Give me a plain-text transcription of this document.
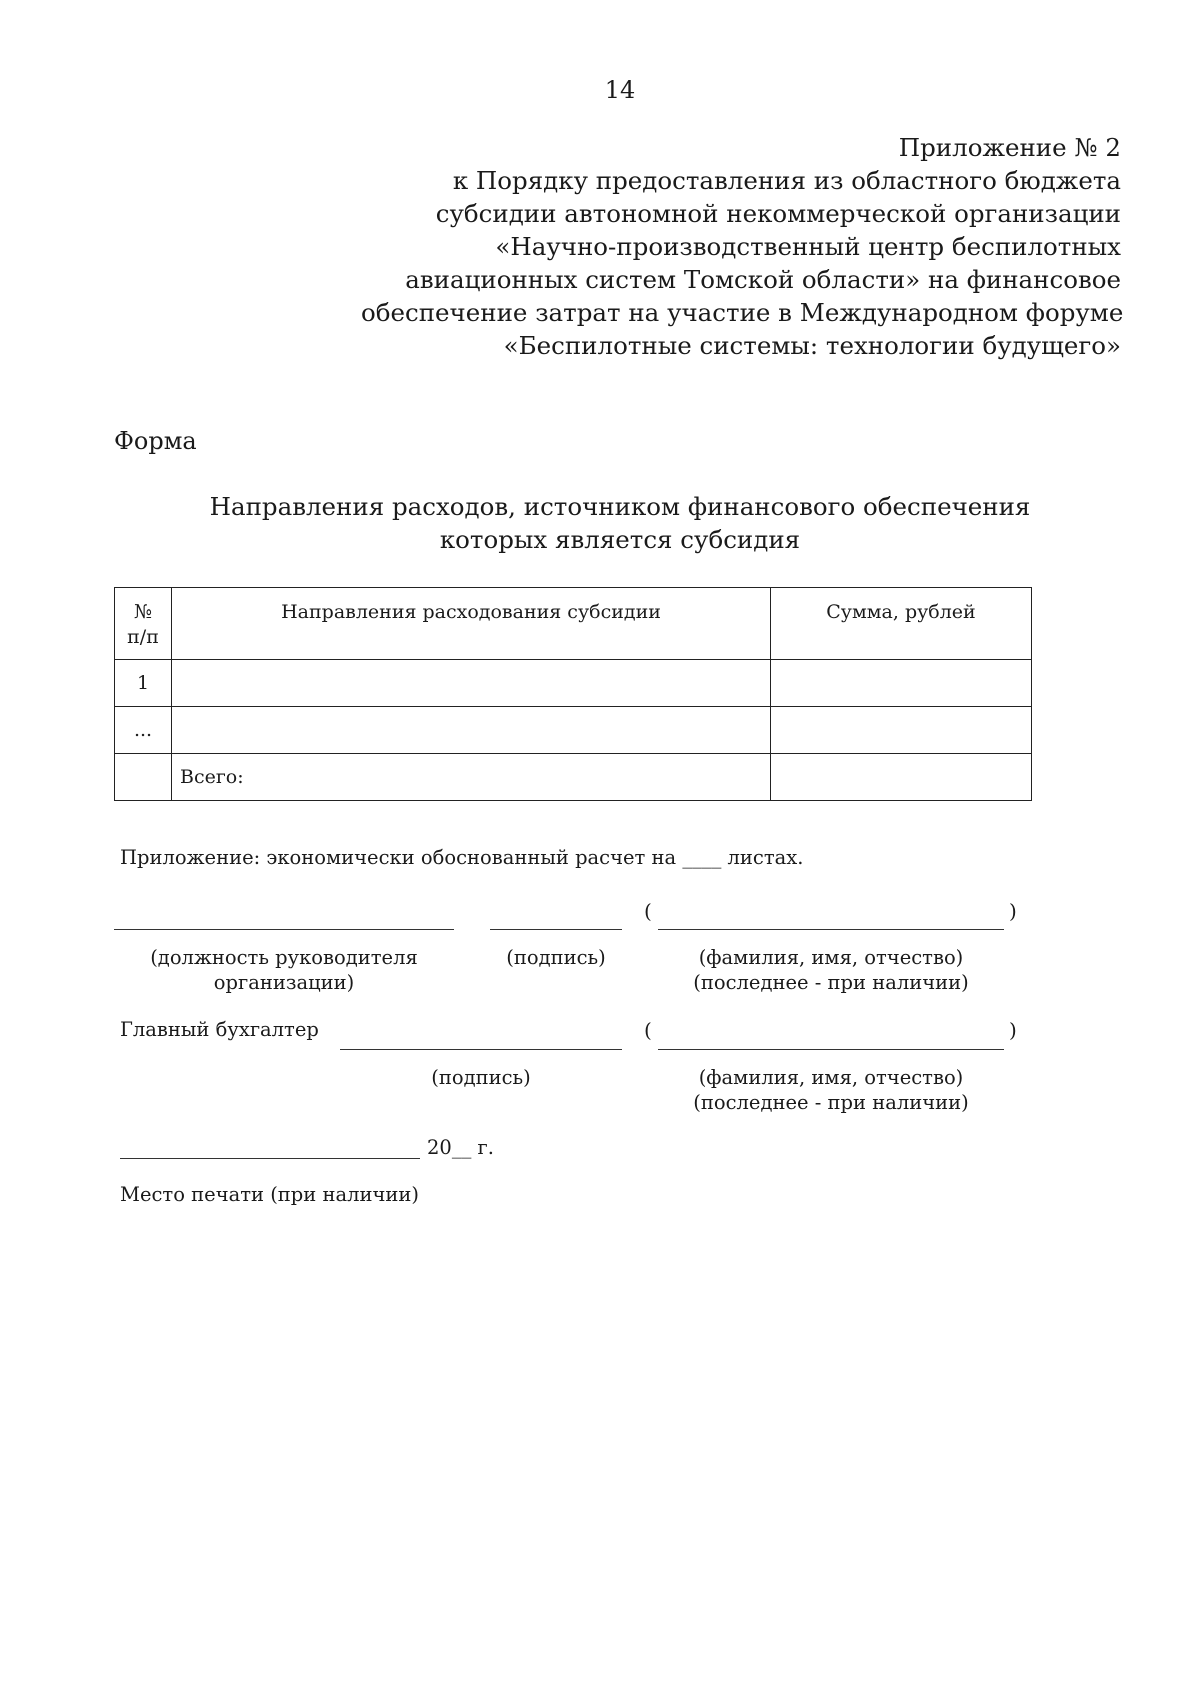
14
Приложение № 2
к Порядку предоставления из областного бюджета
субсидии автономной некоммерческой организации
«Научно-производственный центр беспилотных
авиационных систем Томской области» на финансовое
обеспечение затрат на участие в Международном форуме
«Беспилотные системы: технологии будущего»
Форма
Направления расходов, источником финансового обеспечения
которых является субсидия
№
п/п	Направления расходования субсидии	Сумма, рублей
1		
...		
	Всего:	
Приложение: экономически обоснованный расчет на ____ листах.
(	)
(должность руководителя
организации)
(подпись)	(фамилия, имя, отчество)
(последнее - при наличии)
Главный бухгалтер	(	)
(подпись)	(фамилия, имя, отчество)
(последнее - при наличии)
20__ г.
Место печати (при наличии)
